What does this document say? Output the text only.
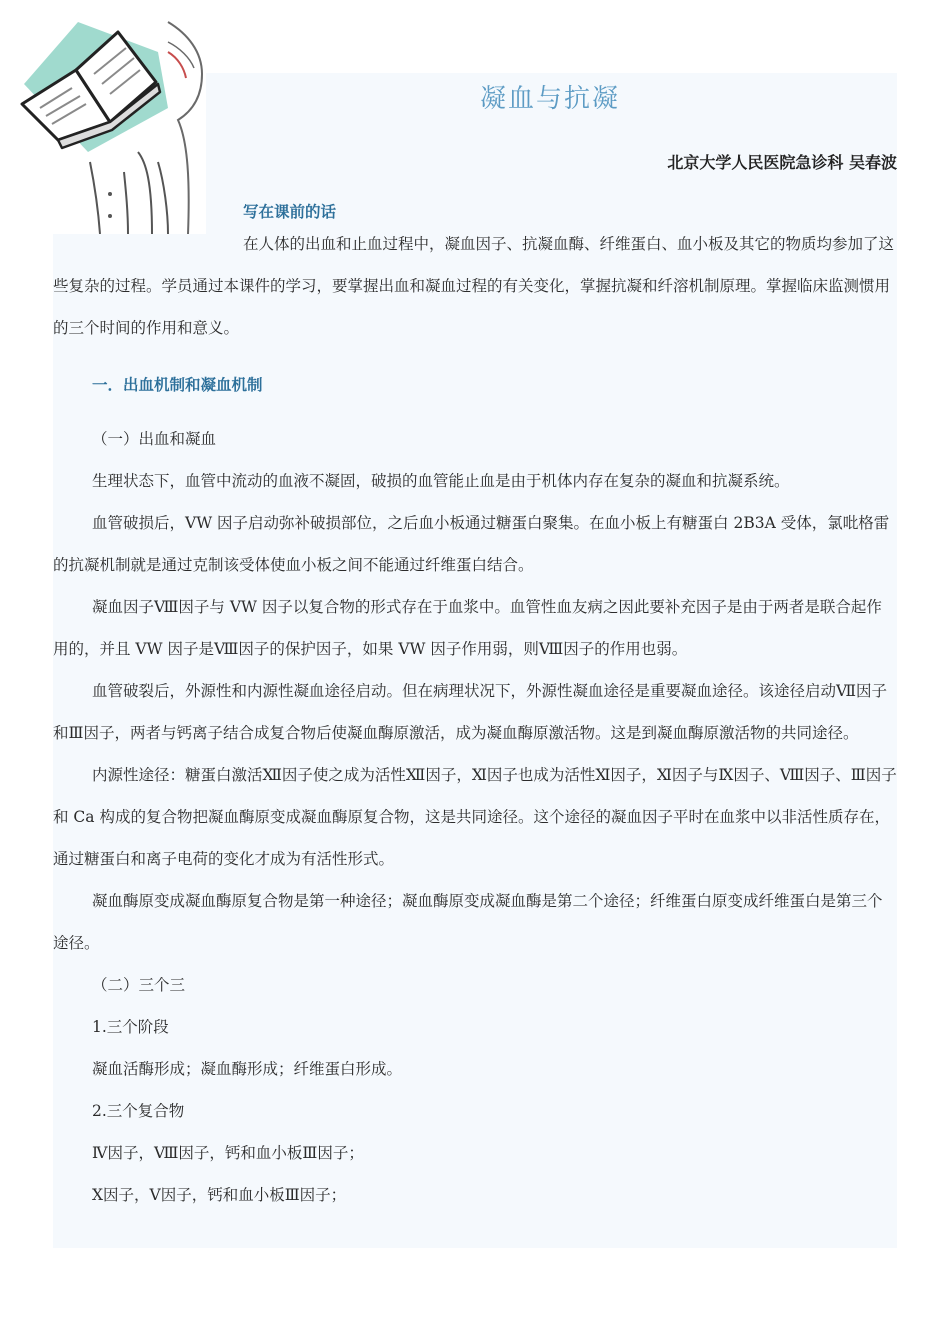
凝血与抗凝
北京大学人民医院急诊科 吴春波
写在课前的话

在人体的出血和止血过程中，凝血因子、抗凝血酶、纤维蛋白、血小板及其它的物质均参加了这些复杂的过程。学员通过本课件的学习，要掌握出血和凝血过程的有关变化，掌握抗凝和纤溶机制原理。掌握临床监测惯用的三个时间的作用和意义。

一．出血机制和凝血机制

（一）出血和凝血

生理状态下，血管中流动的血液不凝固，破损的血管能止血是由于机体内存在复杂的凝血和抗凝系统。

血管破损后，VW 因子启动弥补破损部位，之后血小板通过糖蛋白聚集。在血小板上有糖蛋白 2B3A 受体，氯吡格雷的抗凝机制就是通过克制该受体使血小板之间不能通过纤维蛋白结合。

凝血因子Ⅷ因子与 VW 因子以复合物的形式存在于血浆中。血管性血友病之因此要补充因子是由于两者是联合起作用的，并且 VW 因子是Ⅷ因子的保护因子，如果 VW 因子作用弱，则Ⅷ因子的作用也弱。

血管破裂后，外源性和内源性凝血途径启动。但在病理状况下，外源性凝血途径是重要凝血途径。该途径启动Ⅶ因子和Ⅲ因子，两者与钙离子结合成复合物后使凝血酶原激活，成为凝血酶原激活物。这是到凝血酶原激活物的共同途径。

内源性途径：糖蛋白激活Ⅻ因子使之成为活性Ⅻ因子，Ⅺ因子也成为活性Ⅺ因子，Ⅺ因子与Ⅸ因子、Ⅷ因子、Ⅲ因子和 Ca 构成的复合物把凝血酶原变成凝血酶原复合物，这是共同途径。这个途径的凝血因子平时在血浆中以非活性质存在，通过糖蛋白和离子电荷的变化才成为有活性形式。

凝血酶原变成凝血酶原复合物是第一种途径；凝血酶原变成凝血酶是第二个途径；纤维蛋白原变成纤维蛋白是第三个途径。

（二）三个三

1.三个阶段

凝血活酶形成；凝血酶形成；纤维蛋白形成。

2.三个复合物

Ⅳ因子，Ⅷ因子，钙和血小板Ⅲ因子；

Ⅹ因子，Ⅴ因子，钙和血小板Ⅲ因子；
